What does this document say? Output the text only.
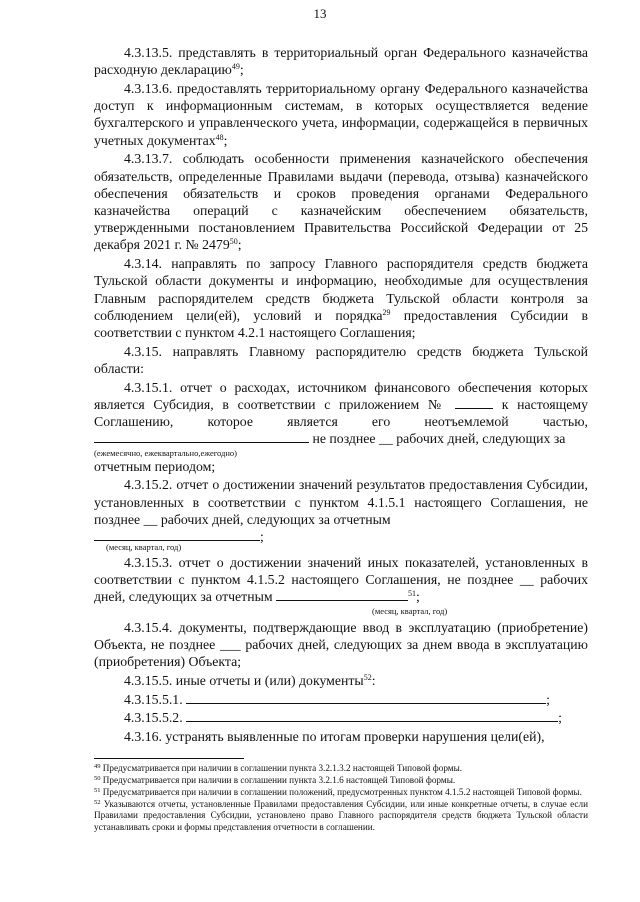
13

4.3.13.5. представлять в территориальный орган Федерального казначейства расходную декларацию$^{49}$;

4.3.13.6. предоставлять территориальному органу Федерального казначейства доступ к информационным системам, в которых осуществляется ведение бухгалтерского и управленческого учета, информации, содержащейся в первичных учетных документах$^{48}$;

4.3.13.7. соблюдать особенности применения казначейского обеспечения обязательств, определенные Правилами выдачи (перевода, отзыва) казначейского обеспечения обязательств и сроков проведения органами Федерального казначейства операций с казначейским обеспечением обязательств, утвержденными постановлением Правительства Российской Федерации от 25 декабря 2021 г. № 2479$^{50}$;

4.3.14. направлять по запросу Главного распорядителя средств бюджета Тульской области документы и информацию, необходимые для осуществления Главным распорядителем средств бюджета Тульской области контроля за соблюдением цели(ей), условий и порядка$^{29}$ предоставления Субсидии в соответствии с пунктом 4.2.1 настоящего Соглашения;

4.3.15. направлять Главному распорядителю средств бюджета Тульской области:

4.3.15.1. отчет о расходах, источником финансового обеспечения которых является Субсидия, в соответствии с приложением №	к настоящему Соглашению, которое является его неотъемлемой частью,  не позднее __ рабочих дней, следующих за

(ежемесячно, ежеквартально,ежегодно)

отчетным периодом;

4.3.15.2. отчет о достижении значений результатов предоставления Субсидии, установленных в соответствии с пунктом 4.1.5.1 настоящего Соглашения, не позднее __ рабочих дней, следующих за отчетным

;
(месяц, квартал, год)

4.3.15.3. отчет о достижении значений иных показателей, установленных в соответствии с пунктом 4.1.5.2 настоящего Соглашения, не позднее __ рабочих дней, следующих за отчетным	$^{51}$;

(месяц, квартал, год)

4.3.15.4. документы, подтверждающие ввод в эксплуатацию (приобретение) Объекта, не позднее ___ рабочих дней, следующих за днем ввода в эксплуатацию (приобретения) Объекта;

4.3.15.5. иные отчеты и (или) документы$^{52}$:

4.3.15.5.1.	;

4.3.15.5.2.	;

4.3.16. устранять выявленные по итогам проверки нарушения цели(ей),

$^{49}$ Предусматривается при наличии в соглашении пункта 3.2.1.3.2 настоящей Типовой формы.

$^{50}$ Предусматривается при наличии в соглашении пункта 3.2.1.6 настоящей Типовой формы.

$^{51}$ Предусматривается при наличии в соглашении положений, предусмотренных пунктом 4.1.5.2 настоящей Типовой формы.

$^{52}$ Указываются отчеты, установленные Правилами предоставления Субсидии, или иные конкретные отчеты, в случае если Правилами предоставления Субсидии, установлено право Главного распорядителя средств бюджета Тульской области устанавливать сроки и формы представления отчетности в соглашении.
